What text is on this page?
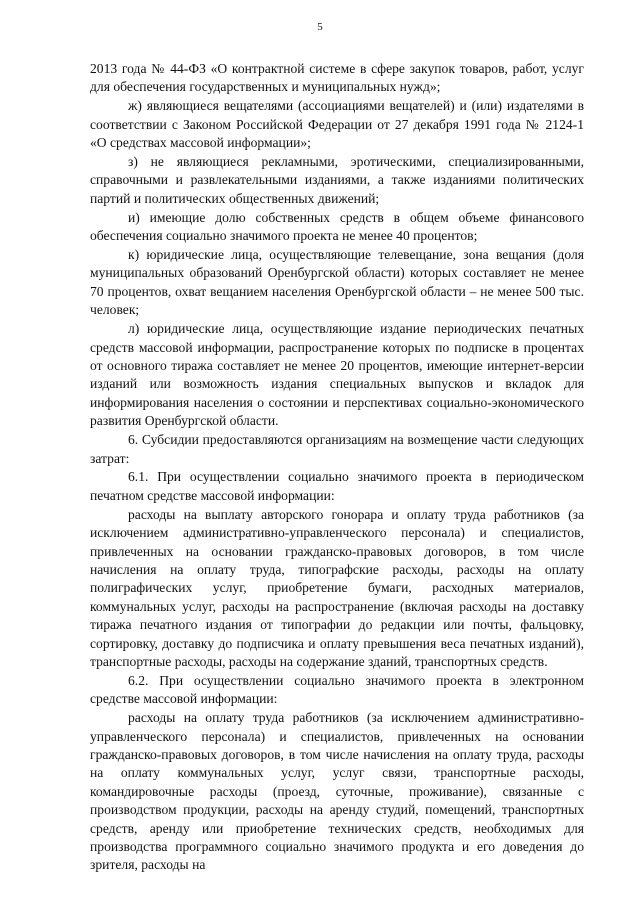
5

2013 года № 44-ФЗ «О контрактной системе в сфере закупок товаров, работ, услуг для обеспечения государственных и муниципальных нужд»;

ж) являющиеся вещателями (ассоциациями вещателей) и (или) издателями в соответствии с Законом Российской Федерации от 27 декабря 1991 года № 2124-1 «О средствах массовой информации»;

з) не являющиеся рекламными, эротическими, специализированными, справочными и развлекательными изданиями, а также изданиями политических партий и политических общественных движений;

и) имеющие долю собственных средств в общем объеме финансового обеспечения социально значимого проекта не менее 40 процентов;

к) юридические лица, осуществляющие телевещание, зона вещания (доля муниципальных образований Оренбургской области) которых составляет не менее 70 процентов, охват вещанием населения Оренбургской области – не менее 500 тыс. человек;

л) юридические лица, осуществляющие издание периодических печатных средств массовой информации, распространение которых по подписке в процентах от основного тиража составляет не менее 20 процентов, имеющие интернет-версии изданий или возможность издания специальных выпусков и вкладок для информирования населения о состоянии и перспективах социально-экономического развития Оренбургской области.

6. Субсидии предоставляются организациям на возмещение части следующих затрат:

6.1. При осуществлении социально значимого проекта в периодическом печатном средстве массовой информации:

расходы на выплату авторского гонорара и оплату труда работников (за исключением административно-управленческого персонала) и специалистов, привлеченных на основании гражданско-правовых договоров, в том числе начисления на оплату труда, типографские расходы, расходы на оплату полиграфических услуг, приобретение бумаги, расходных материалов, коммунальных услуг, расходы на распространение (включая расходы на доставку тиража печатного издания от типографии до редакции или почты, фальцовку, сортировку, доставку до подписчика и оплату превышения веса печатных изданий), транспортные расходы, расходы на содержание зданий, транспортных средств.

6.2. При осуществлении социально значимого проекта в электронном средстве массовой информации:

расходы на оплату труда работников (за исключением административно-управленческого персонала) и специалистов, привлеченных на основании гражданско-правовых договоров, в том числе начисления на оплату труда, расходы на оплату коммунальных услуг, услуг связи, транспортные расходы, командировочные расходы (проезд, суточные, проживание), связанные с производством продукции, расходы на аренду студий, помещений, транспортных средств, аренду или приобретение технических средств, необходимых для производства программного социально значимого продукта и его доведения до зрителя, расходы на
